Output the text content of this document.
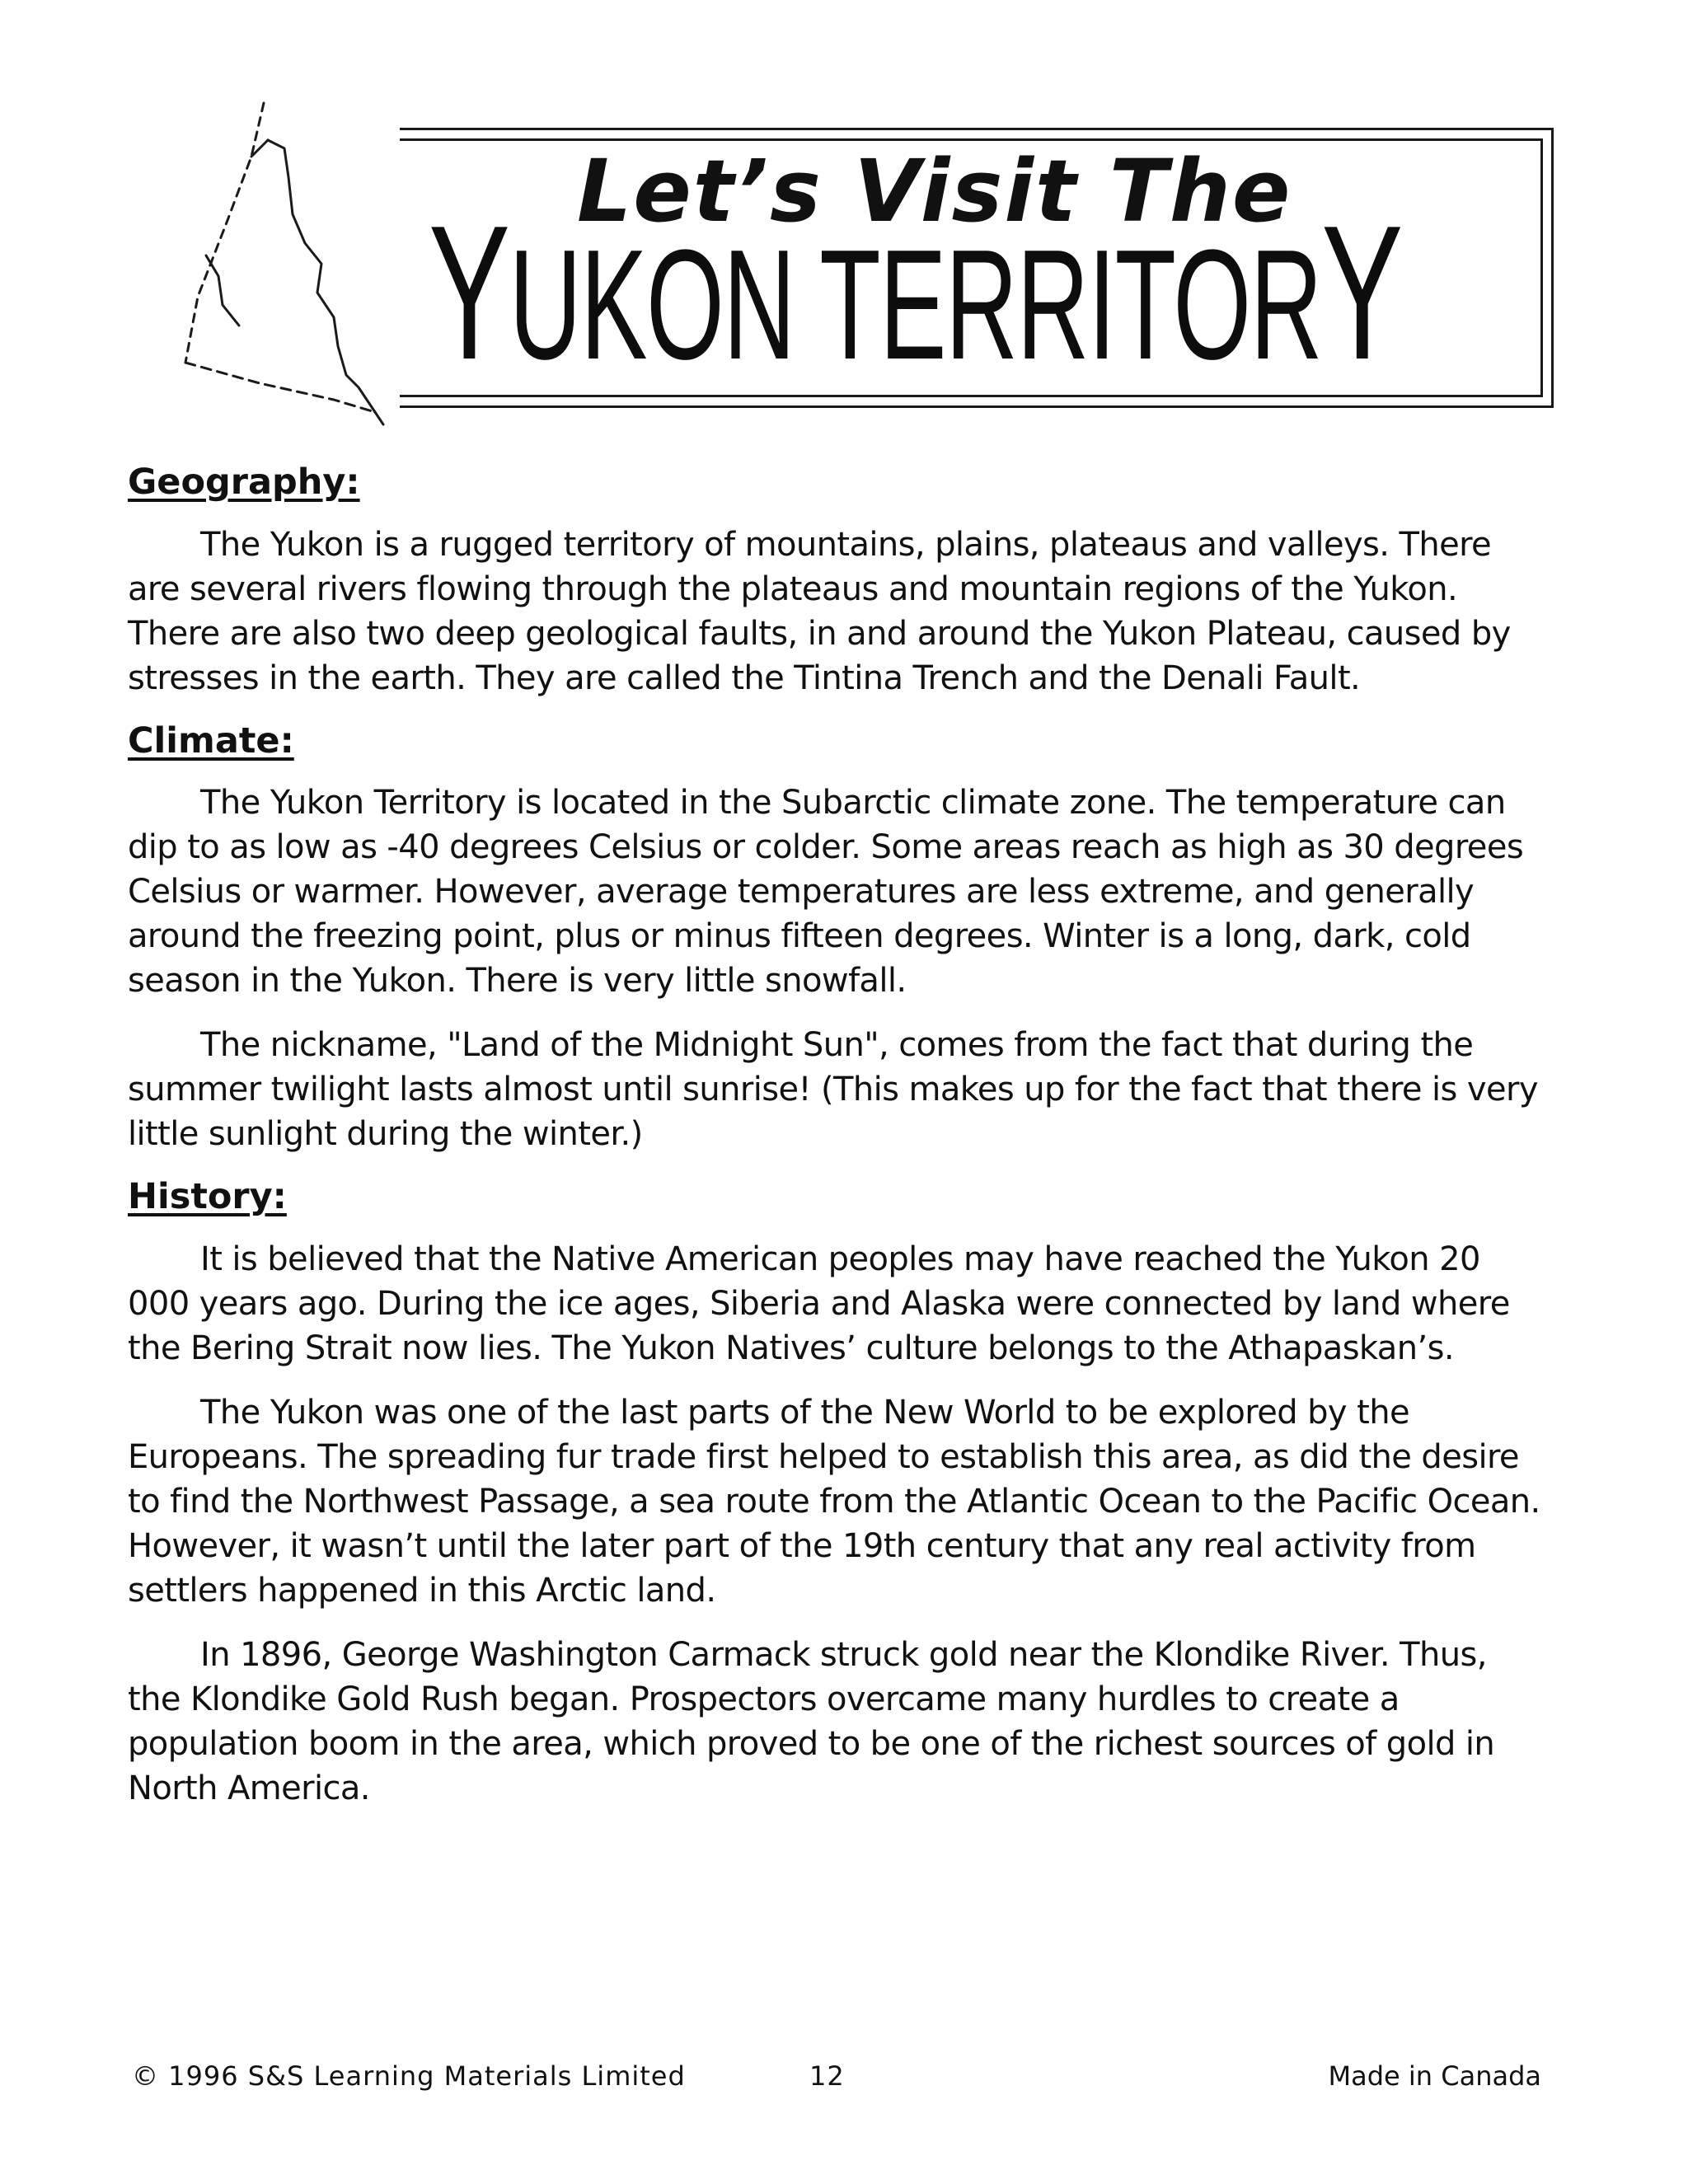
Let’s Visit The
YUKON TERRITORY
Geography:

The Yukon is a rugged territory of mountains, plains, plateaus and valleys. There are several rivers flowing through the plateaus and mountain regions of the Yukon. There are also two deep geological faults, in and around the Yukon Plateau, caused by stresses in the earth. They are called the Tintina Trench and the Denali Fault.

Climate:

The Yukon Territory is located in the Subarctic climate zone. The temperature can dip to as low as -40 degrees Celsius or colder. Some areas reach as high as 30 degrees Celsius or warmer. However, average temperatures are less extreme, and generally around the freezing point, plus or minus fifteen degrees. Winter is a long, dark, cold season in the Yukon. There is very little snowfall.

The nickname, "Land of the Midnight Sun", comes from the fact that during the summer twilight lasts almost until sunrise! (This makes up for the fact that there is very little sunlight during the winter.)

History:

It is believed that the Native American peoples may have reached the Yukon 20 000 years ago. During the ice ages, Siberia and Alaska were connected by land where the Bering Strait now lies. The Yukon Natives’ culture belongs to the Athapaskan’s.

The Yukon was one of the last parts of the New World to be explored by the Europeans. The spreading fur trade first helped to establish this area, as did the desire to find the Northwest Passage, a sea route from the Atlantic Ocean to the Pacific Ocean. However, it wasn’t until the later part of the 19th century that any real activity from settlers happened in this Arctic land.

In 1896, George Washington Carmack struck gold near the Klondike River. Thus, the Klondike Gold Rush began. Prospectors overcame many hurdles to create a population boom in the area, which proved to be one of the richest sources of gold in North America.

© 1996 S&S Learning Materials Limited	12	Made in Canada
